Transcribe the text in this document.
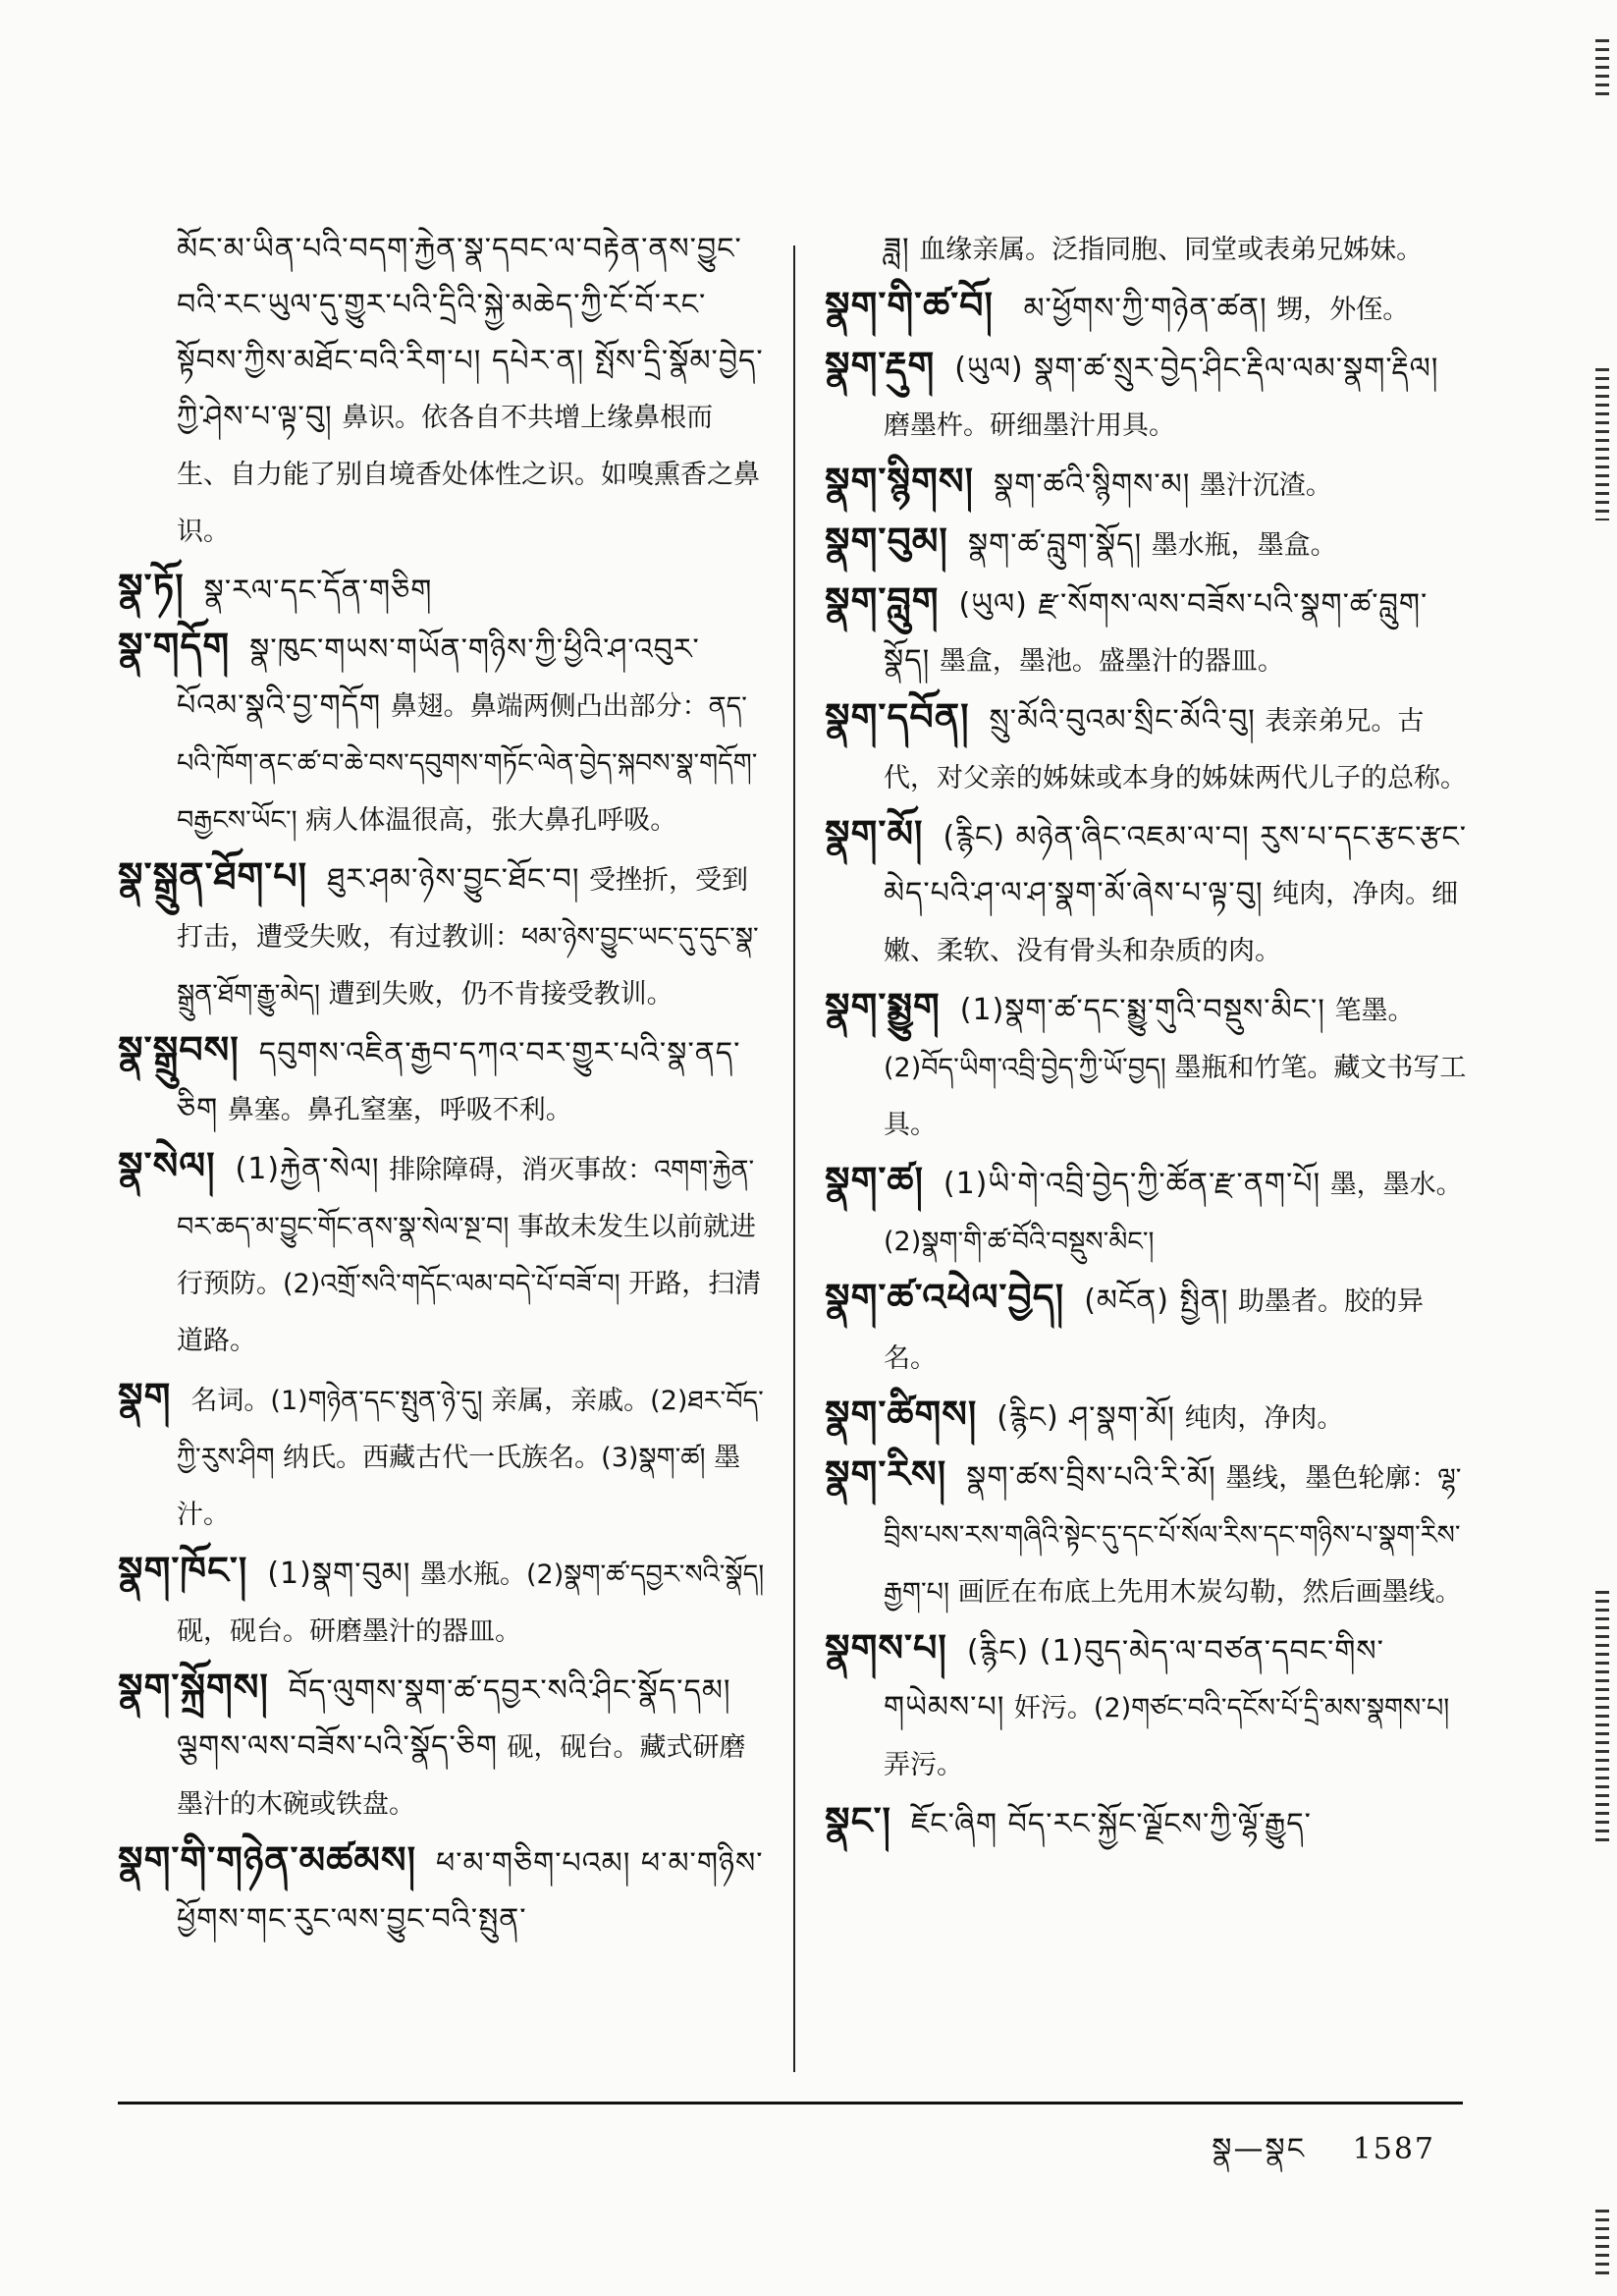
མོང་མ་ཡིན་པའི་བདག་རྐྱེན་སྣ་དབང་ལ་བརྟེན་ནས་བྱུང་བའི་རང་ཡུལ་དུ་གྱུར་པའི་དྲིའི་སྐྱེ་མཆེད་ཀྱི་ངོ་བོ་རང་སྟོབས་ཀྱིས་མཐོང་བའི་རིག་པ། དཔེར་ན། སྤོས་དྲི་སྣོམ་བྱེད་ཀྱི་ཤེས་པ་ལྟ་བུ། 鼻识。依各自不共增上缘鼻根而生、自力能了别自境香处体性之识。如嗅熏香之鼻识。

སྣ་ཏོ། སྣ་རལ་དང་དོན་གཅིག

སྣ་གདོག སྣ་ཁུང་གཡས་གཡོན་གཉིས་ཀྱི་ཕྱིའི་ཤ་འབུར་པོའམ་སྣའི་བྱ་གདོག 鼻翅。鼻端两侧凸出部分：ནད་པའི་ཁོག་ནང་ཚ་བ་ཆེ་བས་དབུགས་གཏོང་ལེན་བྱེད་སྐབས་སྣ་གདོག་བརྒྱངས་ཡོང་། 病人体温很高，张大鼻孔呼吸。

སྣ་སྒྲུན་ཐོག་པ། ཐུར་ཤམ་ཉེས་བྱུང་ཐོང་བ། 受挫折，受到打击，遭受失败，有过教训：ཕམ་ཉེས་བྱུང་ཡང་དུ་དུང་སྣ་སྒྲུན་ཐོག་རྒྱུ་མེད། 遭到失败，仍不肯接受教训。

སྣ་སྒྲུབས། དབུགས་འཇིན་རྒྱབ་དཀའ་བར་གྱུར་པའི་སྣ་ནད་ཅིག 鼻塞。鼻孔窒塞，呼吸不利。

སྣ་སེལ། (1)རྐྱེན་སེལ། 排除障碍，消灭事故：འགག་རྐྱེན་བར་ཆད་མ་བྱུང་གོང་ནས་སྣ་སེལ་སྔ་བ། 事故未发生以前就进行预防。(2)འགྲོ་སའི་གདོང་ལམ་བདེ་པོ་བཟོ་བ། 开路，扫清道路。

སྣག 名词。(1)གཉེན་དང་སྤུན་ཉེ་དུ། 亲属，亲戚。(2)ཐར་བོད་ཀྱི་རུས་ཤིག 纳氏。西藏古代一氏族名。(3)སྣག་ཚ། 墨汁。

སྣག་ཁོང་། (1)སྣག་བུམ། 墨水瓶。(2)སྣག་ཚ་དབྱར་སའི་སྣོད། 砚，砚台。研磨墨汁的器皿。

སྣག་སྐྲོགས། བོད་ལུགས་སྣག་ཚ་དབྱར་སའི་ཤིང་སྣོད་དམ། ལྕགས་ལས་བཟོས་པའི་སྣོད་ཅིག 砚，砚台。藏式研磨墨汁的木碗或铁盘。

སྣག་གི་གཉེན་མཚམས། ཕ་མ་གཅིག་པའམ། ཕ་མ་གཉིས་ཕྱོགས་གང་རུང་ལས་བྱུང་བའི་སྤུན་

ཟླ། 血缘亲属。泛指同胞、同堂或表弟兄姊妹。

སྣག་གི་ཚ་བོ། མ་ཕྱོགས་ཀྱི་གཉེན་ཚན། 甥，外侄。

སྣག་རྡུག (ཡུལ) སྣག་ཚ་སྲུར་བྱེད་ཤིང་རྡིལ་ལམ་སྣག་རྡིལ། 磨墨杵。研细墨汁用具。

སྣག་སྙིགས། སྣག་ཚའི་སྙིགས་མ། 墨汁沉渣。

སྣག་བུམ། སྣག་ཚ་བླུག་སྣོད། 墨水瓶，墨盒。

སྣག་བླུག (ཡུལ) རྫ་སོགས་ལས་བཟོས་པའི་སྣག་ཚ་བླུག་སྣོད། 墨盒，墨池。盛墨汁的器皿。

སྣག་དབོན། སྲུ་མོའི་བུའམ་སྲིང་མོའི་བུ། 表亲弟兄。古代，对父亲的姊妹或本身的姊妹两代儿子的总称。

སྣག་མོ། (རྙིང) མཉེན་ཞིང་འཇམ་ལ་བ། རུས་པ་དང་རྩང་རྩང་མེད་པའི་ཤ་ལ་ཤ་སྣག་མོ་ཞེས་པ་ལྟ་བུ། 纯肉，净肉。细嫩、柔软、没有骨头和杂质的肉。

སྣག་སྨྱུག (1)སྣག་ཚ་དང་སྨྱུ་གུའི་བསྡུས་མིང་། 笔墨。(2)བོད་ཡིག་འབྲི་བྱེད་ཀྱི་ཡོ་བྱད། 墨瓶和竹笔。藏文书写工具。

སྣག་ཚ། (1)ཡི་གེ་འབྲི་བྱེད་ཀྱི་ཚོན་རྫ་ནག་པོ། 墨，墨水。(2)སྣག་གི་ཚ་བོའི་བསྡུས་མིང་།

སྣག་ཚ་འཕེལ་བྱེད། (མངོན) སྤྱིན། 助墨者。胶的异名。

སྣག་ཚིགས། (རྙིང) ཤ་སྣག་མོ། 纯肉，净肉。

སྣག་རིས། སྣག་ཚས་བྲིས་པའི་རི་མོ། 墨线，墨色轮廓：ལྷ་བྲིས་པས་རས་གཞིའི་སྟེང་དུ་དང་པོ་སོལ་རིས་དང་གཉིས་པ་སྣག་རིས་རྒྱག་པ། 画匠在布底上先用木炭勾勒，然后画墨线。

སྣགས་པ། (རྙིང) (1)བུད་མེད་ལ་བཙན་དབང་གིས་གཡེམས་པ། 奸污。(2)གཙང་བའི་དངོས་པོ་དྲི་མས་སྣགས་པ། 弄污。

སྣང་། ཇོང་ཞིག བོད་རང་སྐྱོང་ལྗོངས་ཀྱི་ལྷོ་རྒྱུད་

སྣ—སྣང 1587
